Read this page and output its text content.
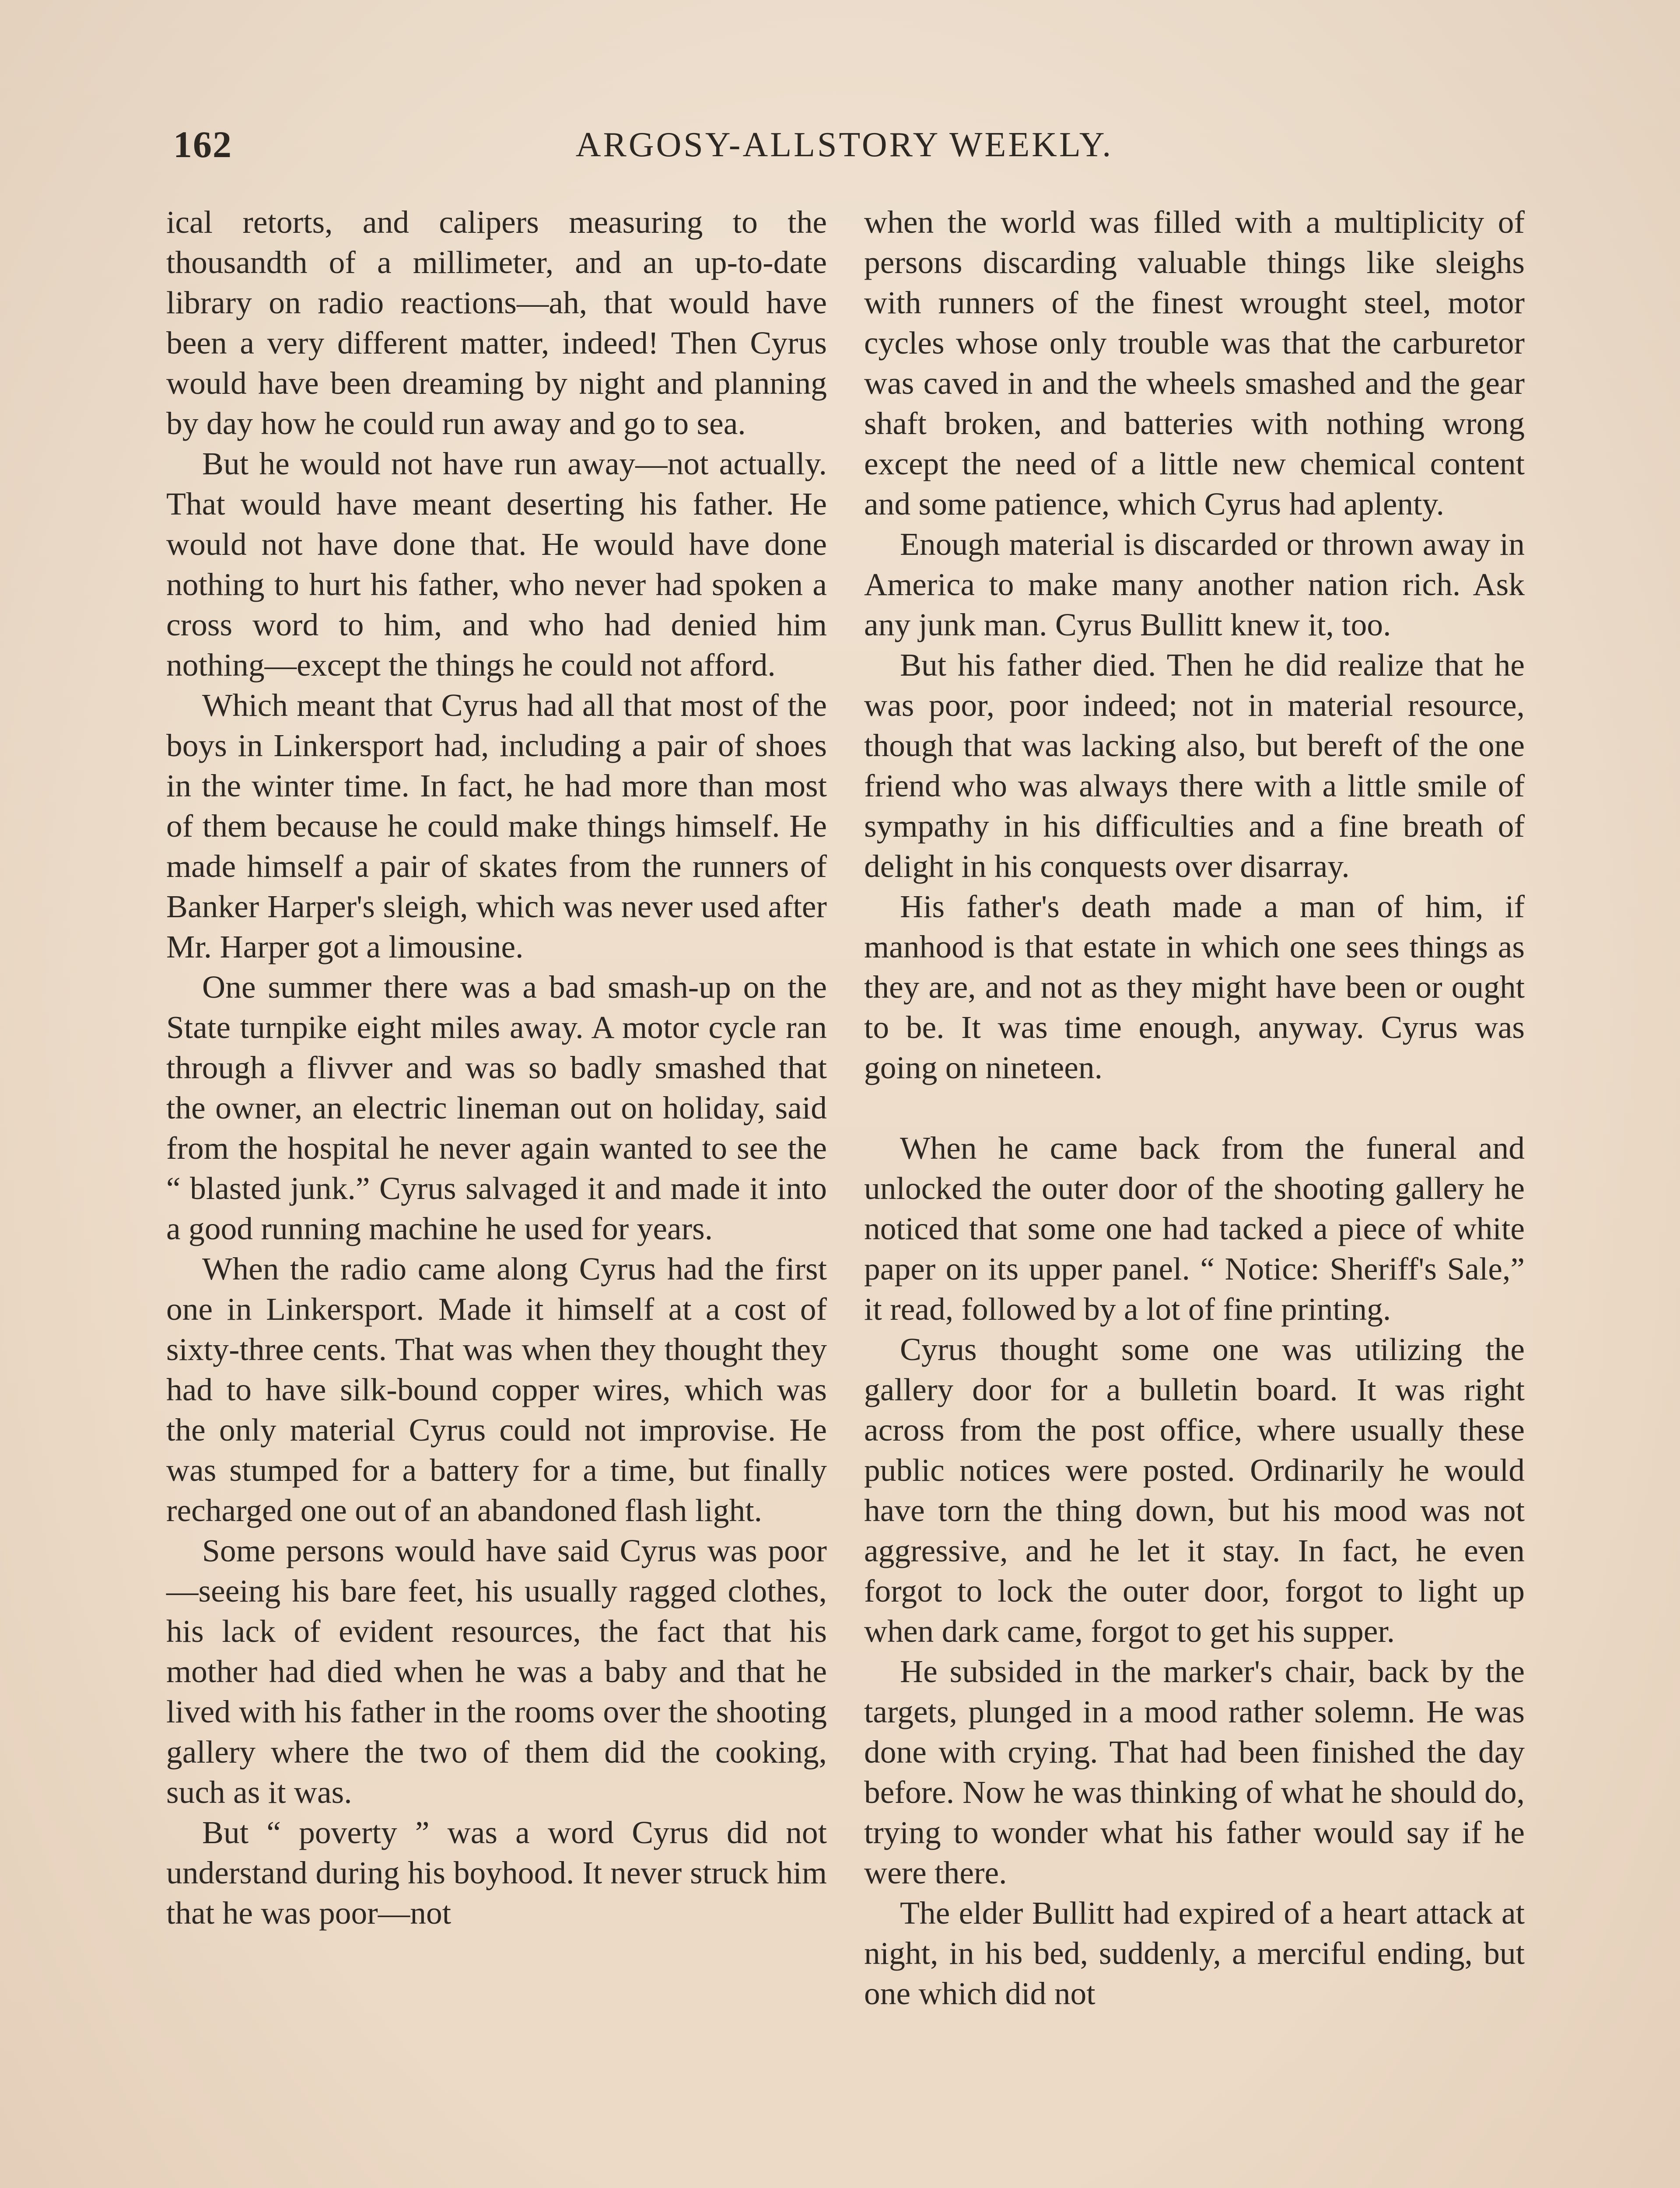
162	ARGOSY-ALLSTORY WEEKLY.

ical retorts, and calipers measuring to the thousandth of a millimeter, and an up-to-date library on radio reactions—ah, that would have been a very different matter, indeed! Then Cyrus would have been dreaming by night and planning by day how he could run away and go to sea.

But he would not have run away—not actually. That would have meant deserting his father. He would not have done that. He would have done nothing to hurt his father, who never had spoken a cross word to him, and who had denied him nothing—except the things he could not afford.

Which meant that Cyrus had all that most of the boys in Linkersport had, including a pair of shoes in the winter time. In fact, he had more than most of them because he could make things himself. He made himself a pair of skates from the runners of Banker Harper's sleigh, which was never used after Mr. Harper got a limousine.

One summer there was a bad smash-up on the State turnpike eight miles away. A motor cycle ran through a flivver and was so badly smashed that the owner, an electric lineman out on holiday, said from the hospital he never again wanted to see the “ blasted junk.” Cyrus salvaged it and made it into a good running machine he used for years.

When the radio came along Cyrus had the first one in Linkersport. Made it himself at a cost of sixty-three cents. That was when they thought they had to have silk-bound copper wires, which was the only material Cyrus could not improvise. He was stumped for a battery for a time, but finally recharged one out of an abandoned flash light.

Some persons would have said Cyrus was poor—seeing his bare feet, his usually ragged clothes, his lack of evident resources, the fact that his mother had died when he was a baby and that he lived with his father in the rooms over the shooting gallery where the two of them did the cooking, such as it was.

But “ poverty ” was a word Cyrus did not understand during his boyhood. It never struck him that he was poor—not

when the world was filled with a multiplicity of persons discarding valuable things like sleighs with runners of the finest wrought steel, motor cycles whose only trouble was that the carburetor was caved in and the wheels smashed and the gear shaft broken, and batteries with nothing wrong except the need of a little new chemical content and some patience, which Cyrus had aplenty.

Enough material is discarded or thrown away in America to make many another nation rich. Ask any junk man. Cyrus Bullitt knew it, too.

But his father died. Then he did realize that he was poor, poor indeed; not in material resource, though that was lacking also, but bereft of the one friend who was always there with a little smile of sympathy in his difficulties and a fine breath of delight in his conquests over disarray.

His father's death made a man of him, if manhood is that estate in which one sees things as they are, and not as they might have been or ought to be. It was time enough, anyway. Cyrus was going on nineteen.

When he came back from the funeral and unlocked the outer door of the shooting gallery he noticed that some one had tacked a piece of white paper on its upper panel. “ Notice: Sheriff's Sale,” it read, followed by a lot of fine printing.

Cyrus thought some one was utilizing the gallery door for a bulletin board. It was right across from the post office, where usually these public notices were posted. Ordinarily he would have torn the thing down, but his mood was not aggressive, and he let it stay. In fact, he even forgot to lock the outer door, forgot to light up when dark came, forgot to get his supper.

He subsided in the marker's chair, back by the targets, plunged in a mood rather solemn. He was done with crying. That had been finished the day before. Now he was thinking of what he should do, trying to wonder what his father would say if he were there.

The elder Bullitt had expired of a heart attack at night, in his bed, suddenly, a merciful ending, but one which did not
